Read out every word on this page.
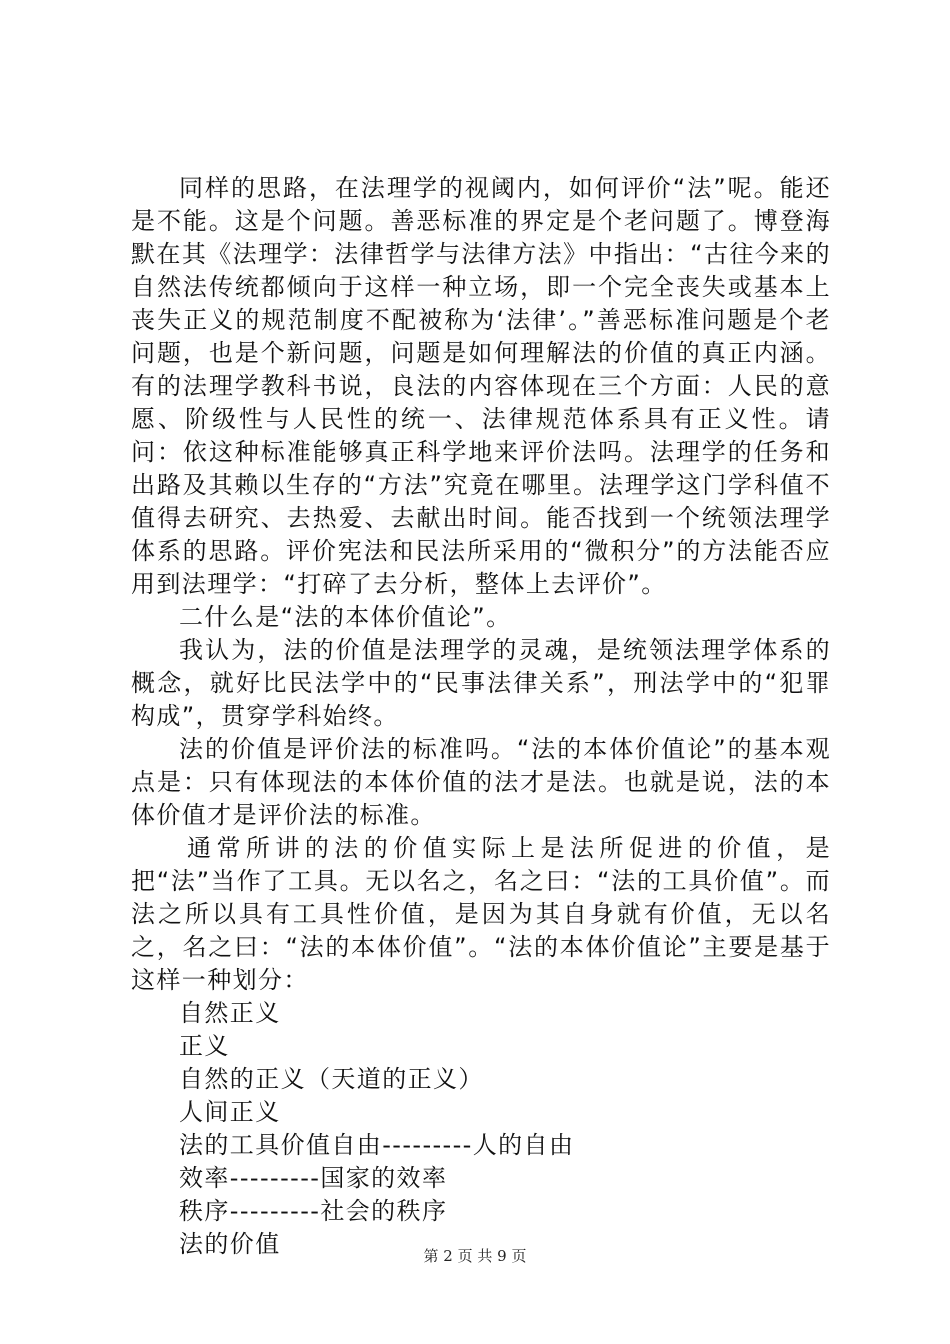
同样的思路，在法理学的视阈内，如何评价“法”呢。能还是不能。这是个问题。善恶标准的界定是个老问题了。博登海默在其《法理学：法律哲学与法律方法》中指出：“古往今来的自然法传统都倾向于这样一种立场，即一个完全丧失或基本上丧失正义的规范制度不配被称为‘法律’。”善恶标准问题是个老问题，也是个新问题，问题是如何理解法的价值的真正内涵。有的法理学教科书说，良法的内容体现在三个方面：人民的意愿、阶级性与人民性的统一、法律规范体系具有正义性。请问：依这种标准能够真正科学地来评价法吗。法理学的任务和出路及其赖以生存的“方法”究竟在哪里。法理学这门学科值不值得去研究、去热爱、去献出时间。能否找到一个统领法理学体系的思路。评价宪法和民法所采用的“微积分”的方法能否应用到法理学：“打碎了去分析，整体上去评价”。

二什么是“法的本体价值论”。

我认为，法的价值是法理学的灵魂，是统领法理学体系的概念，就好比民法学中的“民事法律关系”，刑法学中的“犯罪构成”，贯穿学科始终。

法的价值是评价法的标准吗。“法的本体价值论”的基本观点是：只有体现法的本体价值的法才是法。也就是说，法的本体价值才是评价法的标准。

通常所讲的法的价值实际上是法所促进的价值，是把“法”当作了工具。无以名之，名之曰：“法的工具价值”。而法之所以具有工具性价值，是因为其自身就有价值，无以名之，名之曰：“法的本体价值”。“法的本体价值论”主要是基于这样一种划分：

自然正义
正义
自然的正义（天道的正义）
人间正义
法的工具价值自由---------人的自由
效率---------国家的效率
秩序---------社会的秩序
法的价值	第 2 页 共 9 页
